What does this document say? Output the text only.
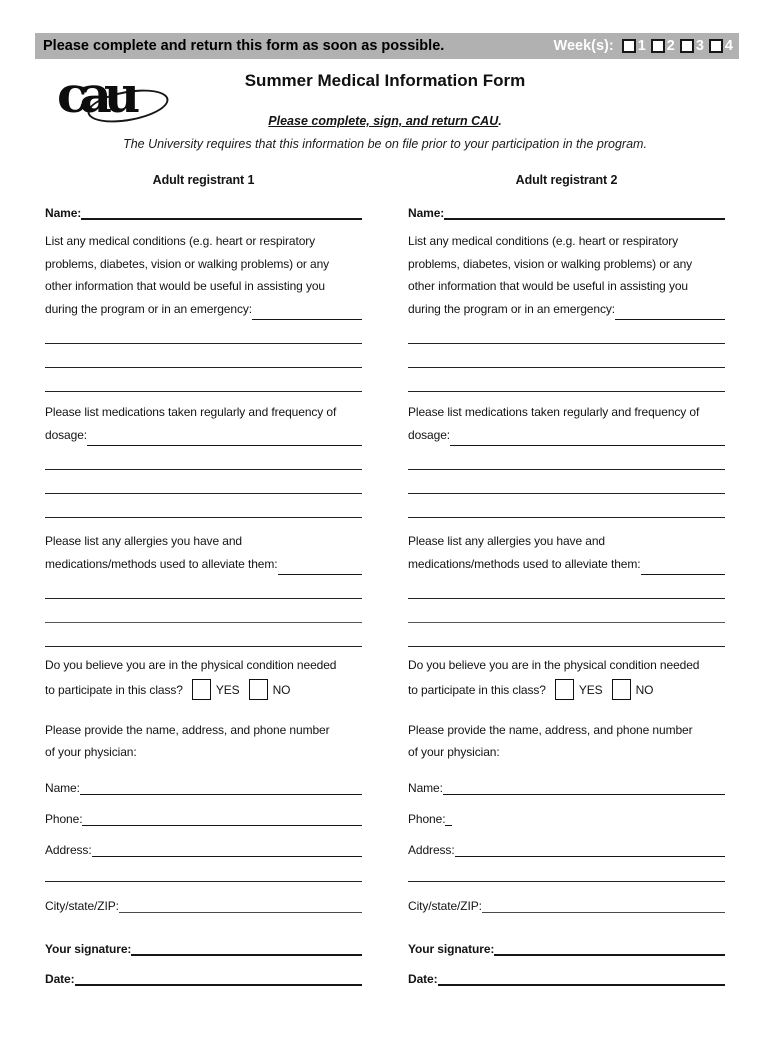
Please complete and return this form as soon as possible.	Week(s): 1 2 3 4
cau	Summer Medical Information Form
Please complete, sign, and return CAU.
The University requires that this information be on file prior to your participation in the program.
Adult registrant 1
Name:
List any medical conditions (e.g. heart or respiratory
problems, diabetes, vision or walking problems) or any
other information that would be useful in assisting you
during the program or in an emergency:
Please list medications taken regularly and frequency of
dosage:
Please list any allergies you have and
medications/methods used to alleviate them:
Do you believe you are in the physical condition needed
to participate in this class?	YES	NO
Please provide the name, address, and phone number
of your physician:
Name:
Phone:
Address:
City/state/ZIP:
Your signature:
Date:
Adult registrant 2
Name:
List any medical conditions (e.g. heart or respiratory
problems, diabetes, vision or walking problems) or any
other information that would be useful in assisting you
during the program or in an emergency:
Please list medications taken regularly and frequency of
dosage:
Please list any allergies you have and
medications/methods used to alleviate them:
Do you believe you are in the physical condition needed
to participate in this class?	YES	NO
Please provide the name, address, and phone number
of your physician:
Name:
Phone:
Address:
City/state/ZIP:
Your signature:
Date:
